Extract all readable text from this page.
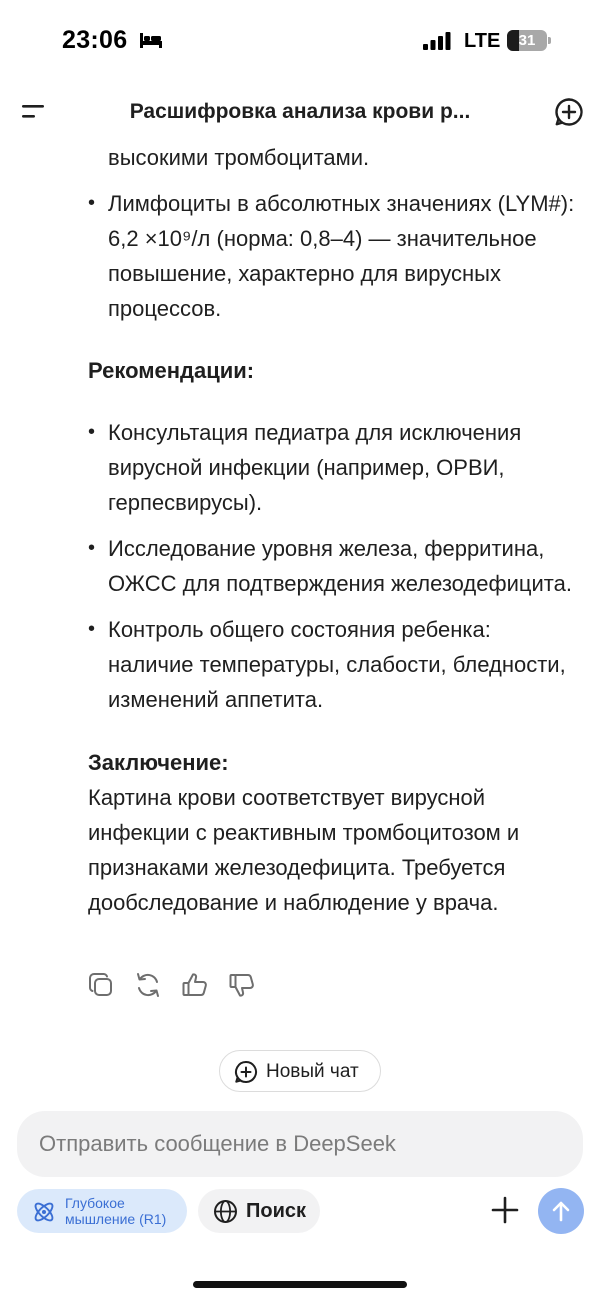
23:06	LTE	31
Расшифровка анализа крови р...

высокими тромбоцитами.

• Лимфоциты в абсолютных значениях (LYM#): 6,2 ×10⁹/л (норма: 0,8–4) — значительное повышение, характерно для вирусных процессов.
Рекомендации:
• Консультация педиатра для исключения вирусной инфекции (например, ОРВИ, герпесвирусы).
• Исследование уровня железа, ферритина, ОЖСС для подтверждения железодефицита.
• Контроль общего состояния ребенка: наличие температуры, слабости, бледности, изменений аппетита.
Заключение:

Картина крови соответствует вирусной инфекции с реактивным тромбоцитозом и признаками железодефицита. Требуется дообследование и наблюдение у врача.

Новый чат
Отправить сообщение в DeepSeek
Глубокое мышление (R1)	Поиск
